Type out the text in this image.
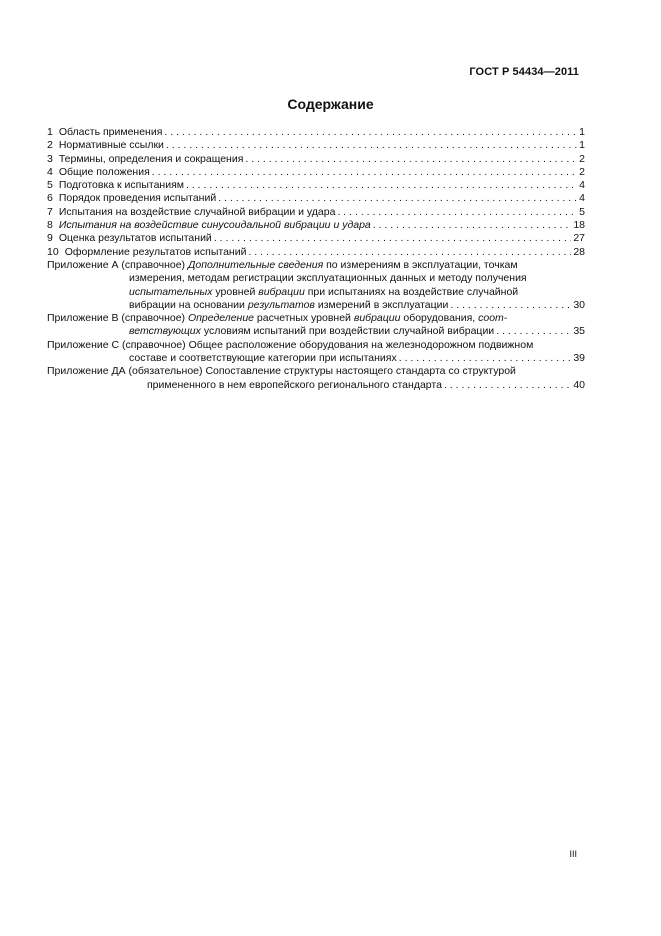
ГОСТ Р 54434—2011
Содержание
1 Область применения . . .	1
2 Нормативные ссылки . . .	1
3 Термины, определения и сокращения . . .	2
4 Общие положения . . .	2
5 Подготовка к испытаниям . . .	4
6 Порядок проведения испытаний . . .	4
7 Испытания на воздействие случайной вибрации и удара . . .	5
8 Испытания на воздействие синусоидальной вибрации и удара . . .	18
9 Оценка результатов испытаний . . .	27
10 Оформление результатов испытаний . . .	28
Приложение А (справочное) Дополнительные сведения по измерениям в эксплуатации, точкам
измерения, методам регистрации эксплуатационных данных и методу получения
испытательных уровней вибрации при испытаниях на воздействие случайной
вибрации на основании результатов измерений в эксплуатации . . .	30
Приложение В (справочное) Определение расчетных уровней вибрации оборудования, соот-
ветствующих условиям испытаний при воздействии случайной вибрации . . .	35
Приложение С (справочное) Общее расположение оборудования на железнодорожном подвижном
составе и соответствующие категории при испытаниях . . .	39
Приложение ДА (обязательное) Сопоставление структуры настоящего стандарта со структурой
примененного в нем европейского регионального стандарта . . .	40
III
